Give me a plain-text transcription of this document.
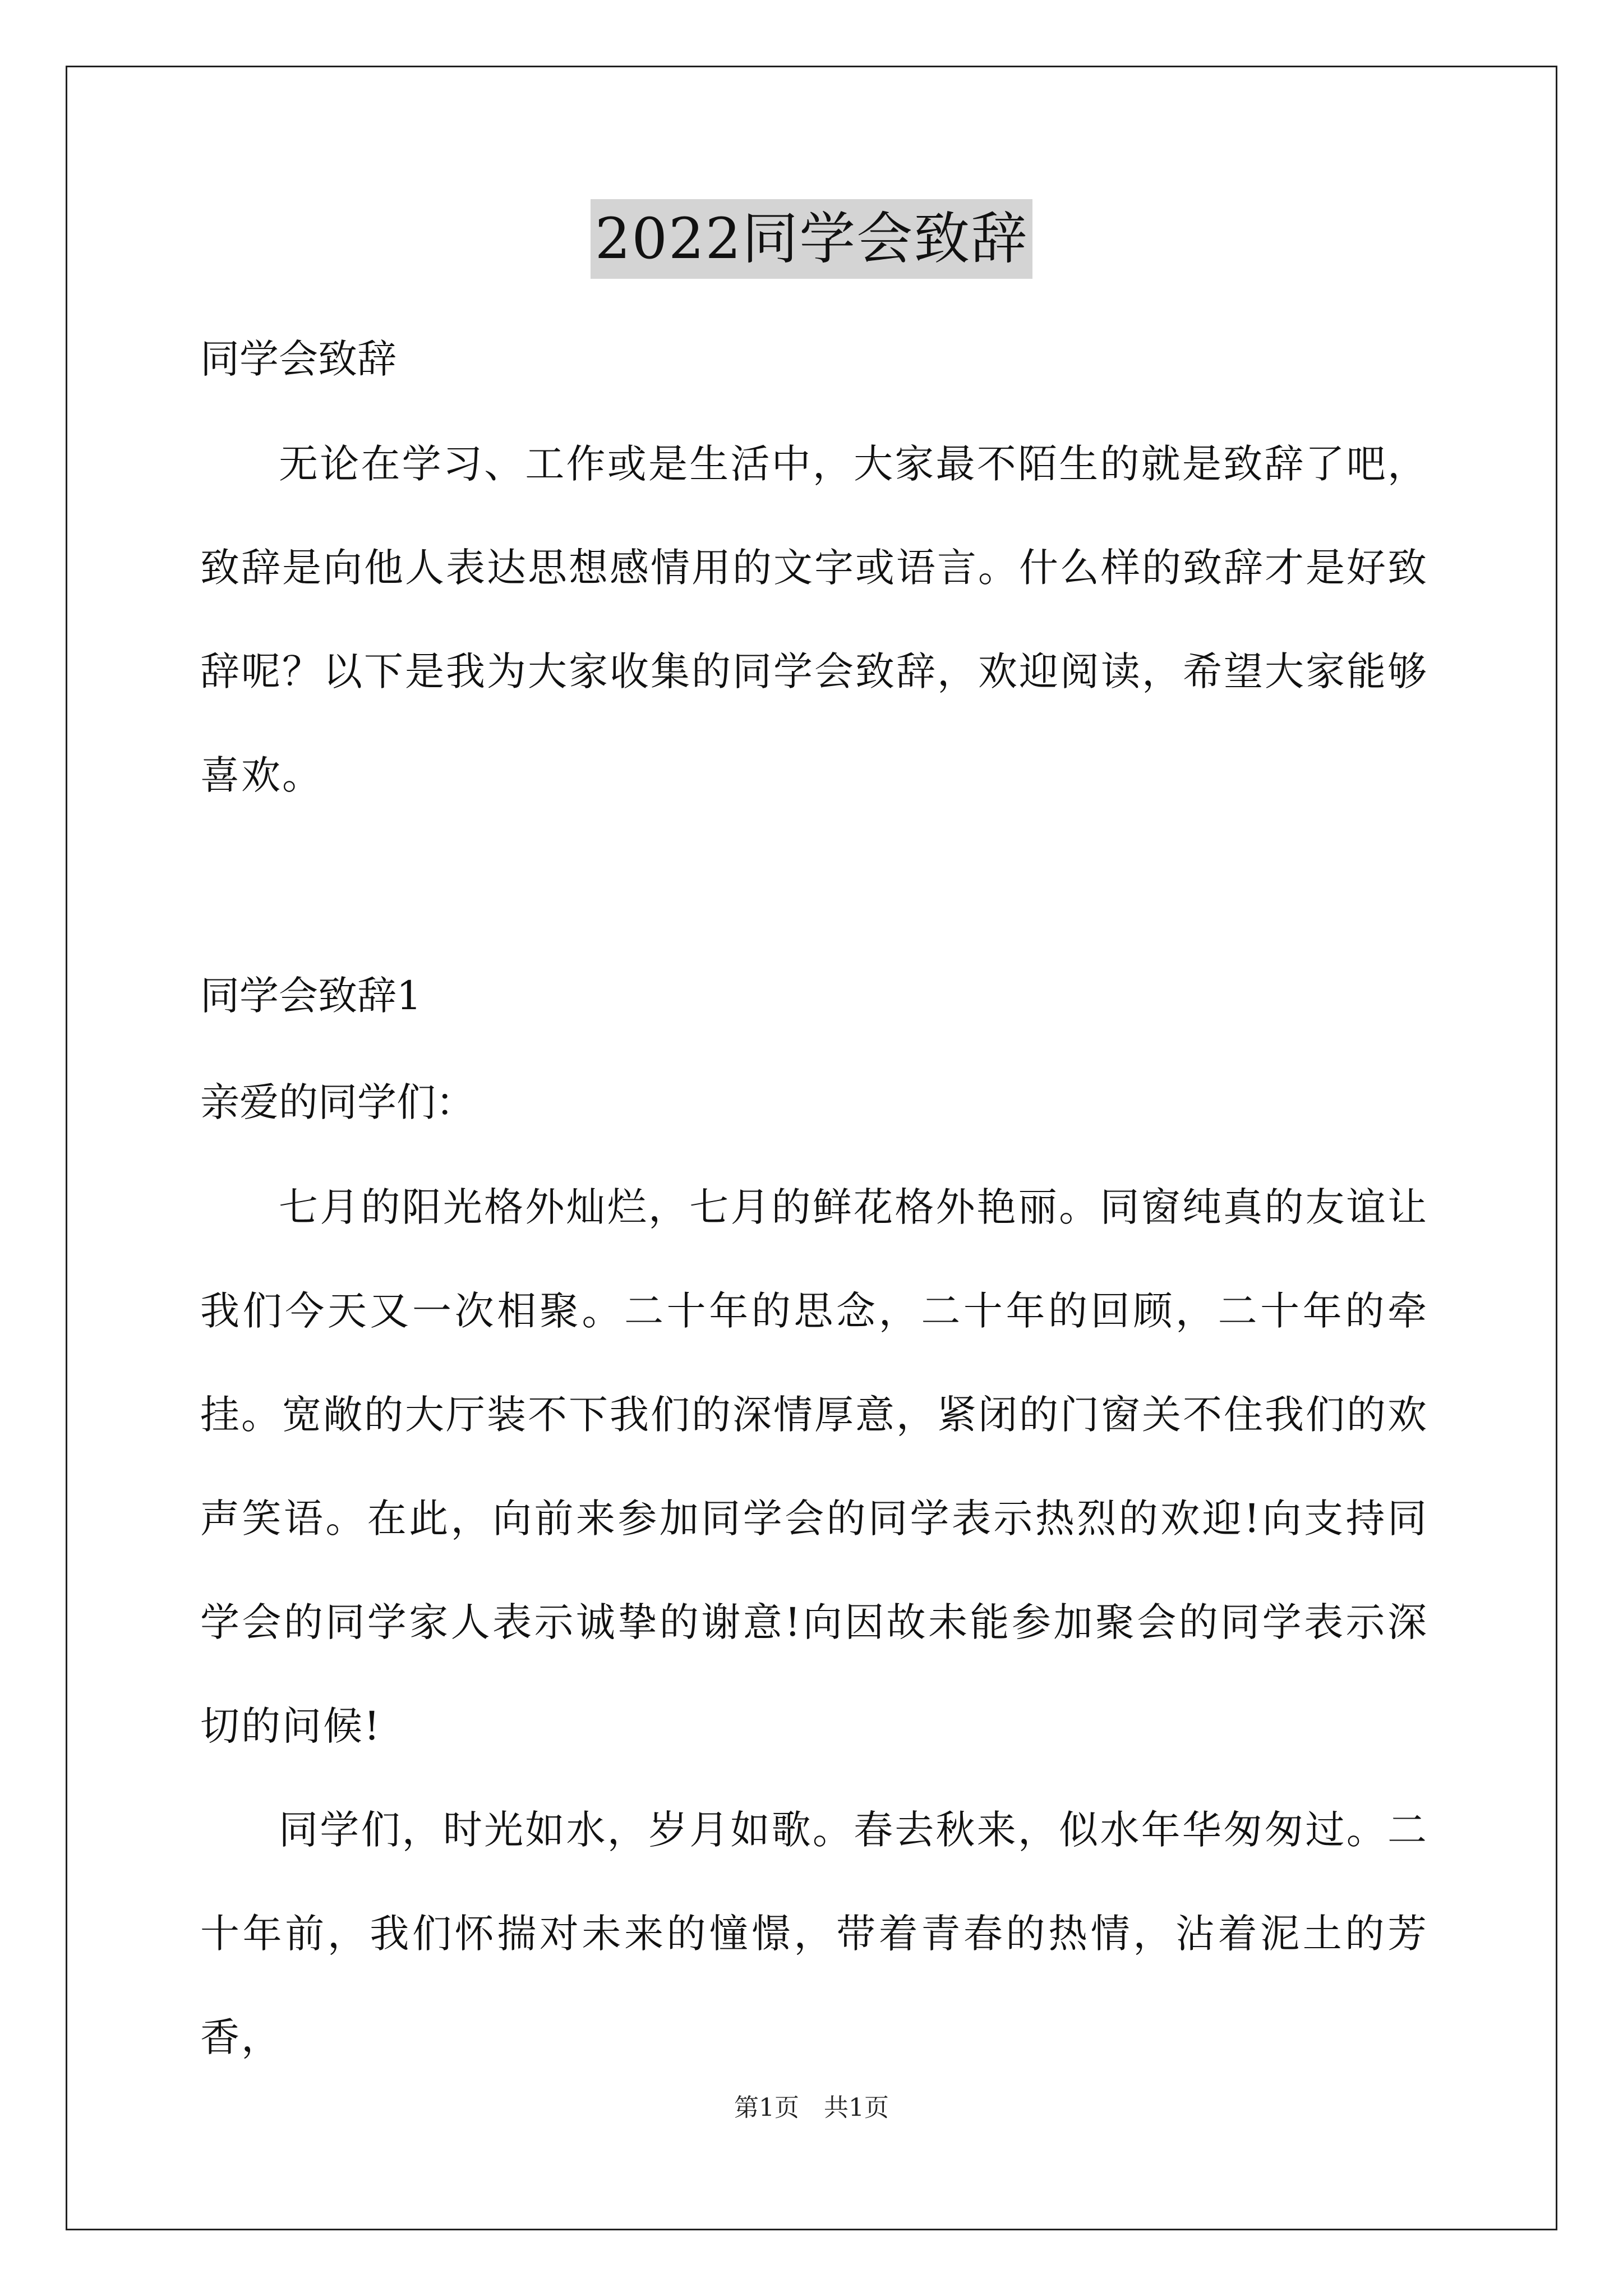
2022同学会致辞

同学会致辞

无论在学习、工作或是生活中，大家最不陌生的就是致辞了吧，致辞是向他人表达思想感情用的文字或语言。什么样的致辞才是好致辞呢？以下是我为大家收集的同学会致辞，欢迎阅读，希望大家能够喜欢。

同学会致辞1

亲爱的同学们：

七月的阳光格外灿烂，七月的鲜花格外艳丽。同窗纯真的友谊让我们今天又一次相聚。二十年的思念，二十年的回顾，二十年的牵挂。宽敞的大厅装不下我们的深情厚意，紧闭的门窗关不住我们的欢声笑语。在此，向前来参加同学会的同学表示热烈的欢迎!向支持同学会的同学家人表示诚挚的谢意!向因故未能参加聚会的同学表示深切的问候!

同学们，时光如水，岁月如歌。春去秋来，似水年华匆匆过。二十年前，我们怀揣对未来的憧憬，带着青春的热情，沾着泥土的芳香，

第1页　共1页
